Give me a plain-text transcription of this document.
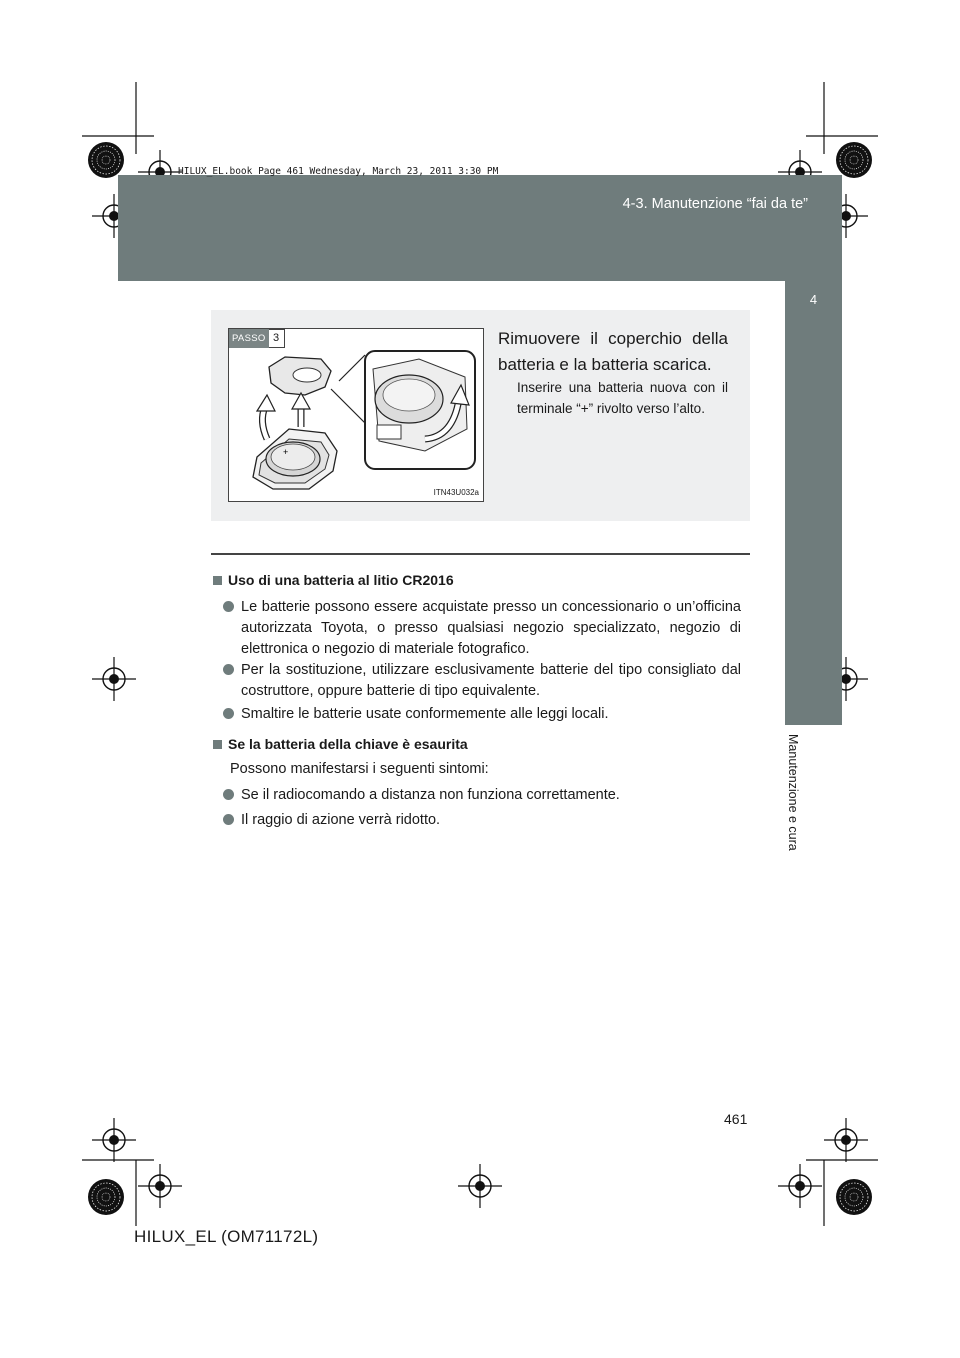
HILUX_EL.book Page 461 Wednesday, March 23, 2011 3:30 PM
4-3. Manutenzione “fai da te”
4
Manutenzione e cura
PASSO 3
+
ITN43U032a
Rimuovere il coperchio della batteria e la batteria scarica.
Inserire una batteria nuova con il terminale “+” rivolto verso l’alto.
Uso di una batteria al litio CR2016
Le batterie possono essere acquistate presso un concessionario o un’officina autorizzata Toyota, o presso qualsiasi negozio specializzato, negozio di elettronica o negozio di materiale fotografico.
Per la sostituzione, utilizzare esclusivamente batterie del tipo consigliato dal costruttore, oppure batterie di tipo equivalente.
Smaltire le batterie usate conformemente alle leggi locali.
Se la batteria della chiave è esaurita
Possono manifestarsi i seguenti sintomi:
Se il radiocomando a distanza non funziona correttamente.
Il raggio di azione verrà ridotto.
461
HILUX_EL (OM71172L)
